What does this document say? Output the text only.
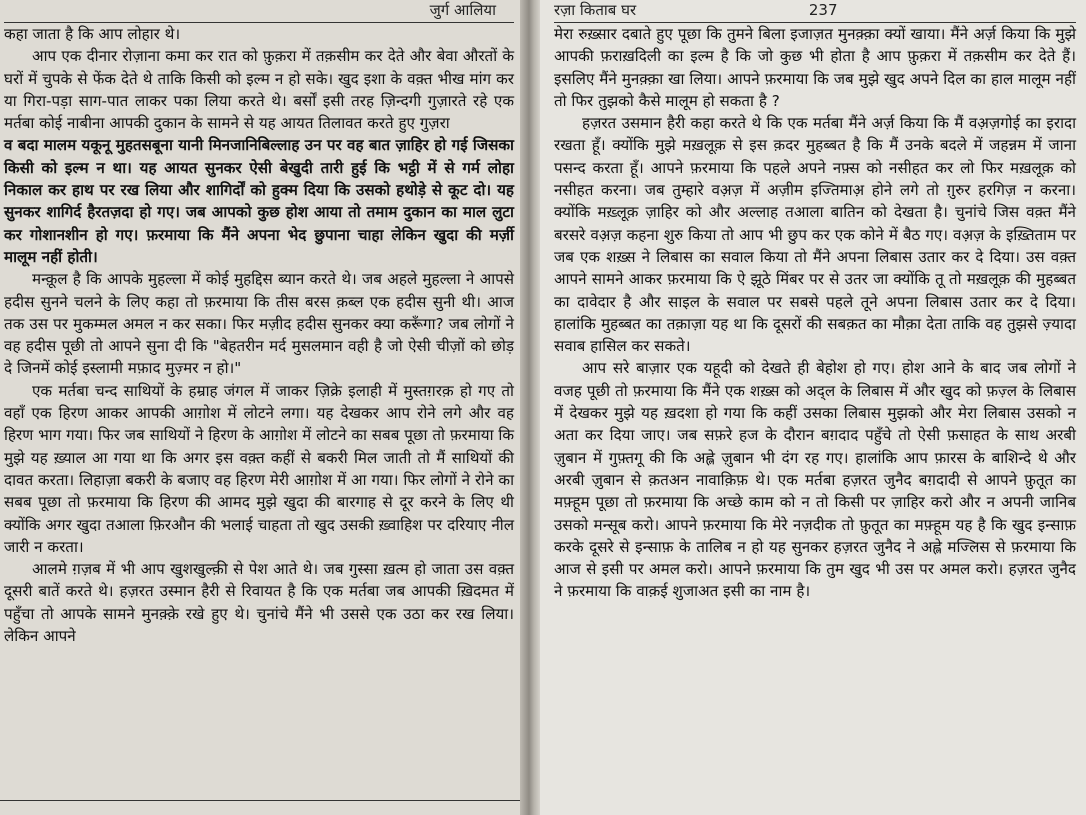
जुर्ग आलिया

कहा जाता है कि आप लोहार थे।

आप एक दीनार रोज़ाना कमा कर रात को फ़ुक़रा में तक़सीम कर देते और बेवा औरतों के घरों में चुपके से फेंक देते थे ताकि किसी को इल्म न हो सके। खुद इशा के वक़्त भीख मांग कर या गिरा-पड़ा साग-पात लाकर पका लिया करते थे। बर्सों इसी तरह ज़िन्दगी गुज़ारते रहे एक मर्तबा कोई नाबीना आपकी दुकान के सामने से यह आयत तिलावत करते हुए गुज़रा

व बदा मालम यकूनू मुहतसबूना यानी मिनजानिबिल्लाह उन पर वह बात ज़ाहिर हो गई जिसका किसी को इल्म न था। यह आयत सुनकर ऐसी बेखुदी तारी हुई कि भट्ठी में से गर्म लोहा निकाल कर हाथ पर रख लिया और शागिर्दों को हुक्म दिया कि उसको हथोड़े से कूट दो। यह सुनकर शागिर्द हैरतज़दा हो गए। जब आपको कुछ होश आया तो तमाम दुकान का माल लुटा कर गोशानशीन हो गए। फ़रमाया कि मैंने अपना भेद छुपाना चाहा लेकिन खुदा की मर्ज़ी मालूम नहीं होती।

मन्क़ूल है कि आपके मुहल्ला में कोई मुहद्दिस ब्यान करते थे। जब अहले मुहल्ला ने आपसे हदीस सुनने चलने के लिए कहा तो फ़रमाया कि तीस बरस क़ब्ल एक हदीस सुनी थी। आज तक उस पर मुकम्मल अमल न कर सका। फिर मज़ीद हदीस सुनकर क्या करूँगा? जब लोगों ने वह हदीस पूछी तो आपने सुना दी कि "बेहतरीन मर्द मुसलमान वही है जो ऐसी चीज़ों को छोड़ दे जिनमें कोई इस्लामी मफ़ाद मुज़्मर न हो।"

एक मर्तबा चन्द साथियों के हम्राह जंगल में जाकर ज़िक्रे इलाही में मुस्तग़रक़ हो गए तो वहाँ एक हिरण आकर आपकी आग़ोश में लोटने लगा। यह देखकर आप रोने लगे और वह हिरण भाग गया। फिर जब साथियों ने हिरण के आग़ोश में लोटने का सबब पूछा तो फ़रमाया कि मुझे यह ख़्याल आ गया था कि अगर इस वक़्त कहीं से बकरी मिल जाती तो मैं साथियों की दावत करता। लिहाज़ा बकरी के बजाए वह हिरण मेरी आग़ोश में आ गया। फिर लोगों ने रोने का सबब पूछा तो फ़रमाया कि हिरण की आमद मुझे खुदा की बारगाह से दूर करने के लिए थी क्योंकि अगर खुदा तआला फ़िरऔन की भलाई चाहता तो खुद उसकी ख़्वाहिश पर दरियाए नील जारी न करता।

आलमे ग़ज़ब में भी आप खुशखुल्क़ी से पेश आते थे। जब गुस्सा ख़त्म हो जाता उस वक़्त दूसरी बातें करते थे। हज़रत उस्मान हैरी से रिवायत है कि एक मर्तबा जब आपकी ख़िदमत में पहुँचा तो आपके सामने मुनक़्क़े रखे हुए थे। चुनांचे मैंने भी उससे एक उठा कर रख लिया। लेकिन आपने

रज़ा किताब घर	237

मेरा रुख़्सार दबाते हुए पूछा कि तुमने बिला इजाज़त मुनक़्क़ा क्यों खाया। मैंने अर्ज़ किया कि मुझे आपकी फ़राख़दिली का इल्म है कि जो कुछ भी होता है आप फ़ुक़रा में तक़सीम कर देते हैं। इसलिए मैंने मुनक़्क़ा खा लिया। आपने फ़रमाया कि जब मुझे खुद अपने दिल का हाल मालूम नहीं तो फिर तुझको कैसे मालूम हो सकता है ?

हज़रत उसमान हैरी कहा करते थे कि एक मर्तबा मैंने अर्ज़ किया कि मैं वअ़ज़गोई का इरादा रखता हूँ। क्योंकि मुझे मख़लूक़ से इस क़दर मुहब्बत है कि मैं उनके बदले में जहन्नम में जाना पसन्द करता हूँ। आपने फ़रमाया कि पहले अपने नफ़्स को नसीहत कर लो फिर मख़लूक़ को नसीहत करना। जब तुम्हारे वअ़ज़ में अज़ीम इज्तिमाअ़ होने लगे तो ग़ुरुर हरगिज़ न करना। क्योंकि मख़्लूक़ ज़ाहिर को और अल्लाह तआला बातिन को देखता है। चुनांचे जिस वक़्त मैंने बरसरे वअ़ज़ कहना शुरु किया तो आप भी छुप कर एक कोने में बैठ गए। वअ़ज़ के इख़्तिताम पर जब एक शख़्स ने लिबास का सवाल किया तो मैंने अपना लिबास उतार कर दे दिया। उस वक़्त आपने सामने आकर फ़रमाया कि ऐ झूठे मिंबर पर से उतर जा क्योंकि तू तो मख़लूक़ की मुहब्बत का दावेदार है और साइल के सवाल पर सबसे पहले तूने अपना लिबास उतार कर दे दिया। हालांकि मुहब्बत का तक़ाज़ा यह था कि दूसरों की सबक़त का मौक़ा देता ताकि वह तुझसे ज़्यादा सवाब हासिल कर सकते।

आप सरे बाज़ार एक यहूदी को देखते ही बेहोश हो गए। होश आने के बाद जब लोगों ने वजह पूछी तो फ़रमाया कि मैंने एक शख़्स को अद्ल के लिबास में और खुद को फ़ज़्ल के लिबास में देखकर मुझे यह ख़दशा हो गया कि कहीं उसका लिबास मुझको और मेरा लिबास उसको न अता कर दिया जाए। जब सफ़रे हज के दौरान बग़दाद पहुँचे तो ऐसी फ़साहत के साथ अरबी ज़ुबान में गुफ़्तगू की कि अह्ले ज़ुबान भी दंग रह गए। हालांकि आप फ़ारस के बाशिन्दे थे और अरबी ज़ुबान से क़तअन नावाक़िफ़ थे। एक मर्तबा हज़रत जुनैद बग़दादी से आपने फ़ुतूत का मफ़्हूम पूछा तो फ़रमाया कि अच्छे काम को न तो किसी पर ज़ाहिर करो और न अपनी जानिब उसको मन्सूब करो। आपने फ़रमाया कि मेरे नज़दीक तो फ़ुतूत का मफ़्हूम यह है कि खुद इन्साफ़ करके दूसरे से इन्साफ़ के तालिब न हो यह सुनकर हज़रत जुनैद ने अह्ले मज्लिस से फ़रमाया कि आज से इसी पर अमल करो। आपने फ़रमाया कि तुम खुद भी उस पर अमल करो। हज़रत जुनैद ने फ़रमाया कि वाक़ई शुजाअत इसी का नाम है।
